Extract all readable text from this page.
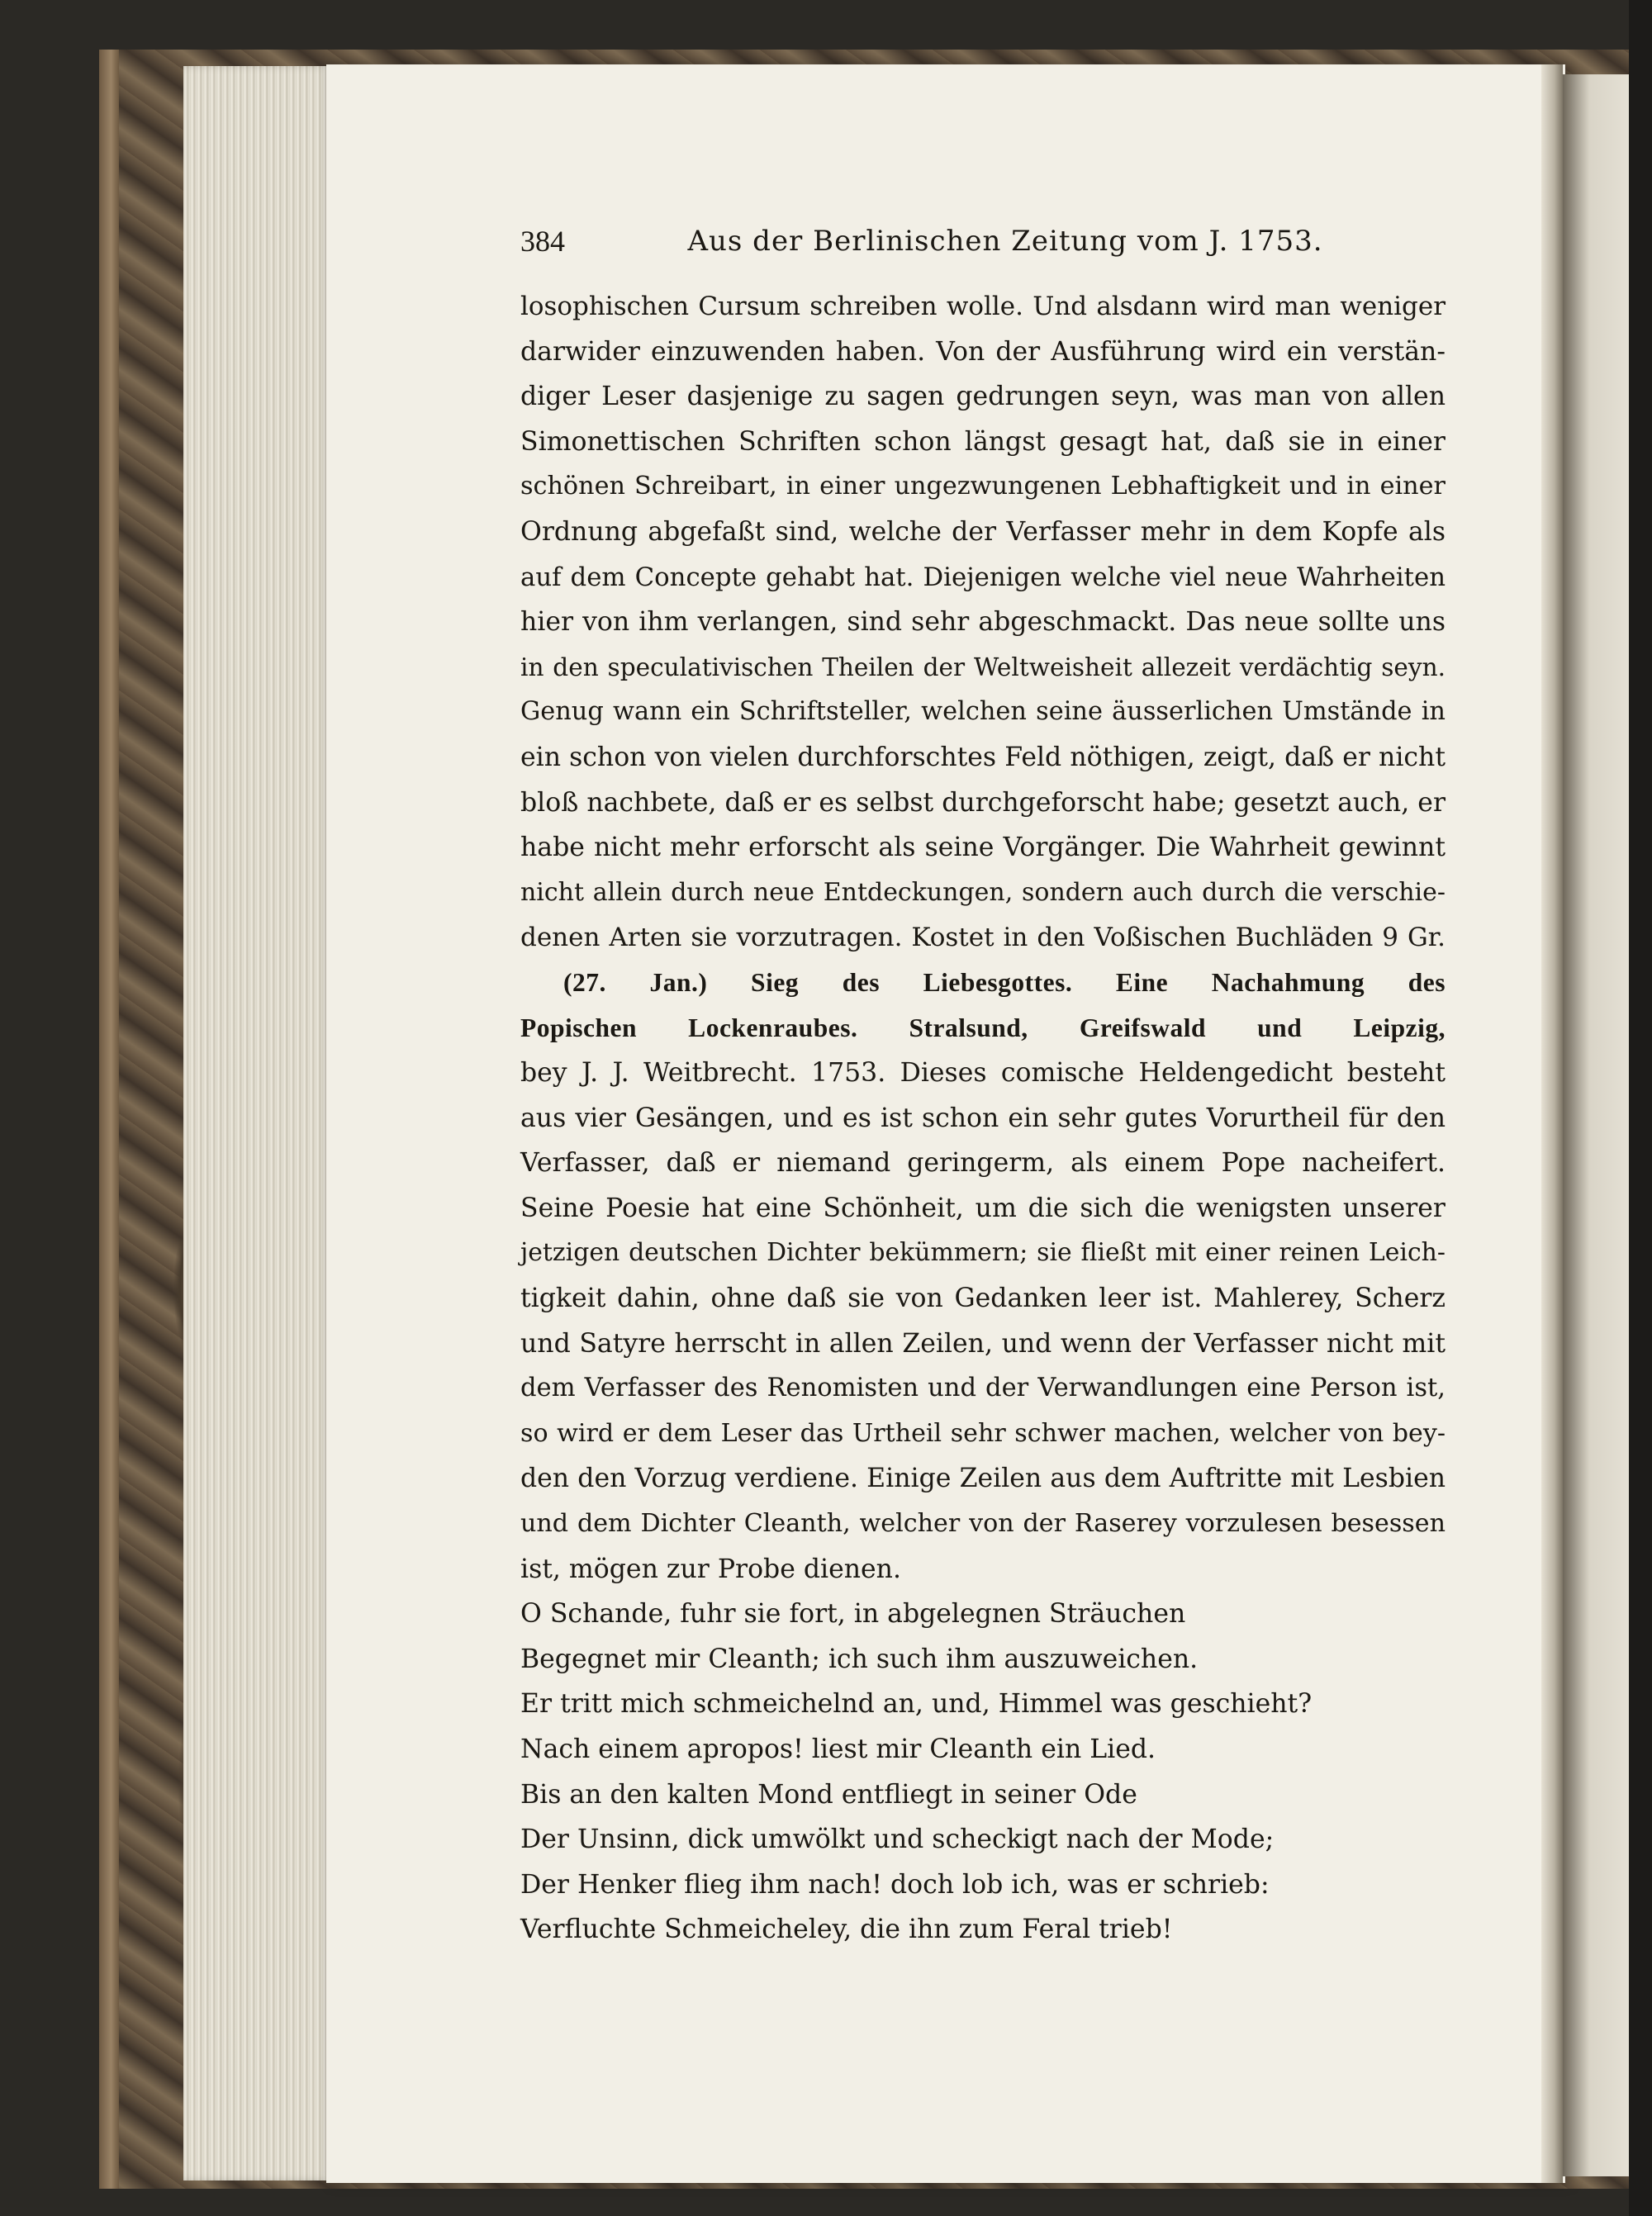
384	Aus der Berlinischen Zeitung vom J. 1753.
losophischen Cursum schreiben wolle. Und alsdann wird man weniger
darwider einzuwenden haben. Von der Ausführung wird ein verstän-
diger Leser dasjenige zu sagen gedrungen seyn, was man von allen
Simonettischen Schriften schon längst gesagt hat, daß sie in einer
schönen Schreibart, in einer ungezwungenen Lebhaftigkeit und in einer
Ordnung abgefaßt sind, welche der Verfasser mehr in dem Kopfe als
auf dem Concepte gehabt hat. Diejenigen welche viel neue Wahrheiten
hier von ihm verlangen, sind sehr abgeschmackt. Das neue sollte uns
in den speculativischen Theilen der Weltweisheit allezeit verdächtig seyn.
Genug wann ein Schriftsteller, welchen seine äusserlichen Umstände in
ein schon von vielen durchforschtes Feld nöthigen, zeigt, daß er nicht
bloß nachbete, daß er es selbst durchgeforscht habe; gesetzt auch, er
habe nicht mehr erforscht als seine Vorgänger. Die Wahrheit gewinnt
nicht allein durch neue Entdeckungen, sondern auch durch die verschie-
denen Arten sie vorzutragen. Kostet in den Voßischen Buchläden 9 Gr.
(27. Jan.) Sieg des Liebesgottes. Eine Nachahmung des
Popischen Lockenraubes. Stralsund, Greifswald und Leipzig,
bey J. J. Weitbrecht. 1753. Dieses comische Heldengedicht besteht
aus vier Gesängen, und es ist schon ein sehr gutes Vorurtheil für den
Verfasser, daß er niemand geringerm, als einem Pope nacheifert.
Seine Poesie hat eine Schönheit, um die sich die wenigsten unserer
jetzigen deutschen Dichter bekümmern; sie fließt mit einer reinen Leich-
tigkeit dahin, ohne daß sie von Gedanken leer ist. Mahlerey, Scherz
und Satyre herrscht in allen Zeilen, und wenn der Verfasser nicht mit
dem Verfasser des Renomisten und der Verwandlungen eine Person ist,
so wird er dem Leser das Urtheil sehr schwer machen, welcher von bey-
den den Vorzug verdiene. Einige Zeilen aus dem Auftritte mit Lesbien
und dem Dichter Cleanth, welcher von der Raserey vorzulesen besessen
ist, mögen zur Probe dienen.
O Schande, fuhr sie fort, in abgelegnen Sträuchen
Begegnet mir Cleanth; ich such ihm auszuweichen.
Er tritt mich schmeichelnd an, und, Himmel was geschieht?
Nach einem apropos! liest mir Cleanth ein Lied.
Bis an den kalten Mond entfliegt in seiner Ode
Der Unsinn, dick umwölkt und scheckigt nach der Mode;
Der Henker flieg ihm nach! doch lob ich, was er schrieb:
Verfluchte Schmeicheley, die ihn zum Feral trieb!
